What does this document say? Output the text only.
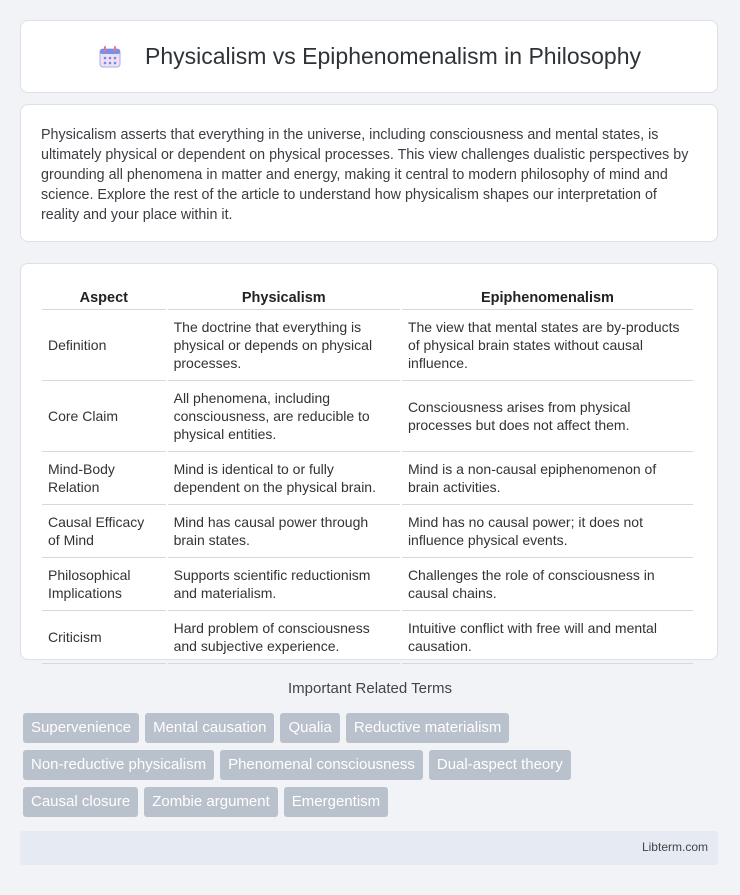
Physicalism vs Epiphenomenalism in Philosophy

Physicalism asserts that everything in the universe, including consciousness and mental states, is ultimately physical or dependent on physical processes. This view challenges dualistic perspectives by grounding all phenomena in matter and energy, making it central to modern philosophy of mind and science. Explore the rest of the article to understand how physicalism shapes our interpretation of reality and your place within it.

Aspect	Physicalism	Epiphenomenalism
Definition	The doctrine that everything is physical or depends on physical processes.	The view that mental states are by-products of physical brain states without causal influence.
Core Claim	All phenomena, including consciousness, are reducible to physical entities.	Consciousness arises from physical processes but does not affect them.
Mind-Body Relation	Mind is identical to or fully dependent on the physical brain.	Mind is a non-causal epiphenomenon of brain activities.
Causal Efficacy of Mind	Mind has causal power through brain states.	Mind has no causal power; it does not influence physical events.
Philosophical Implications	Supports scientific reductionism and materialism.	Challenges the role of consciousness in causal chains.
Criticism	Hard problem of consciousness and subjective experience.	Intuitive conflict with free will and mental causation.
Important Related Terms
Supervenience	Mental causation	Qualia	Reductive materialism
Non-reductive physicalism	Phenomenal consciousness	Dual-aspect theory
Causal closure	Zombie argument	Emergentism
Libterm.com
